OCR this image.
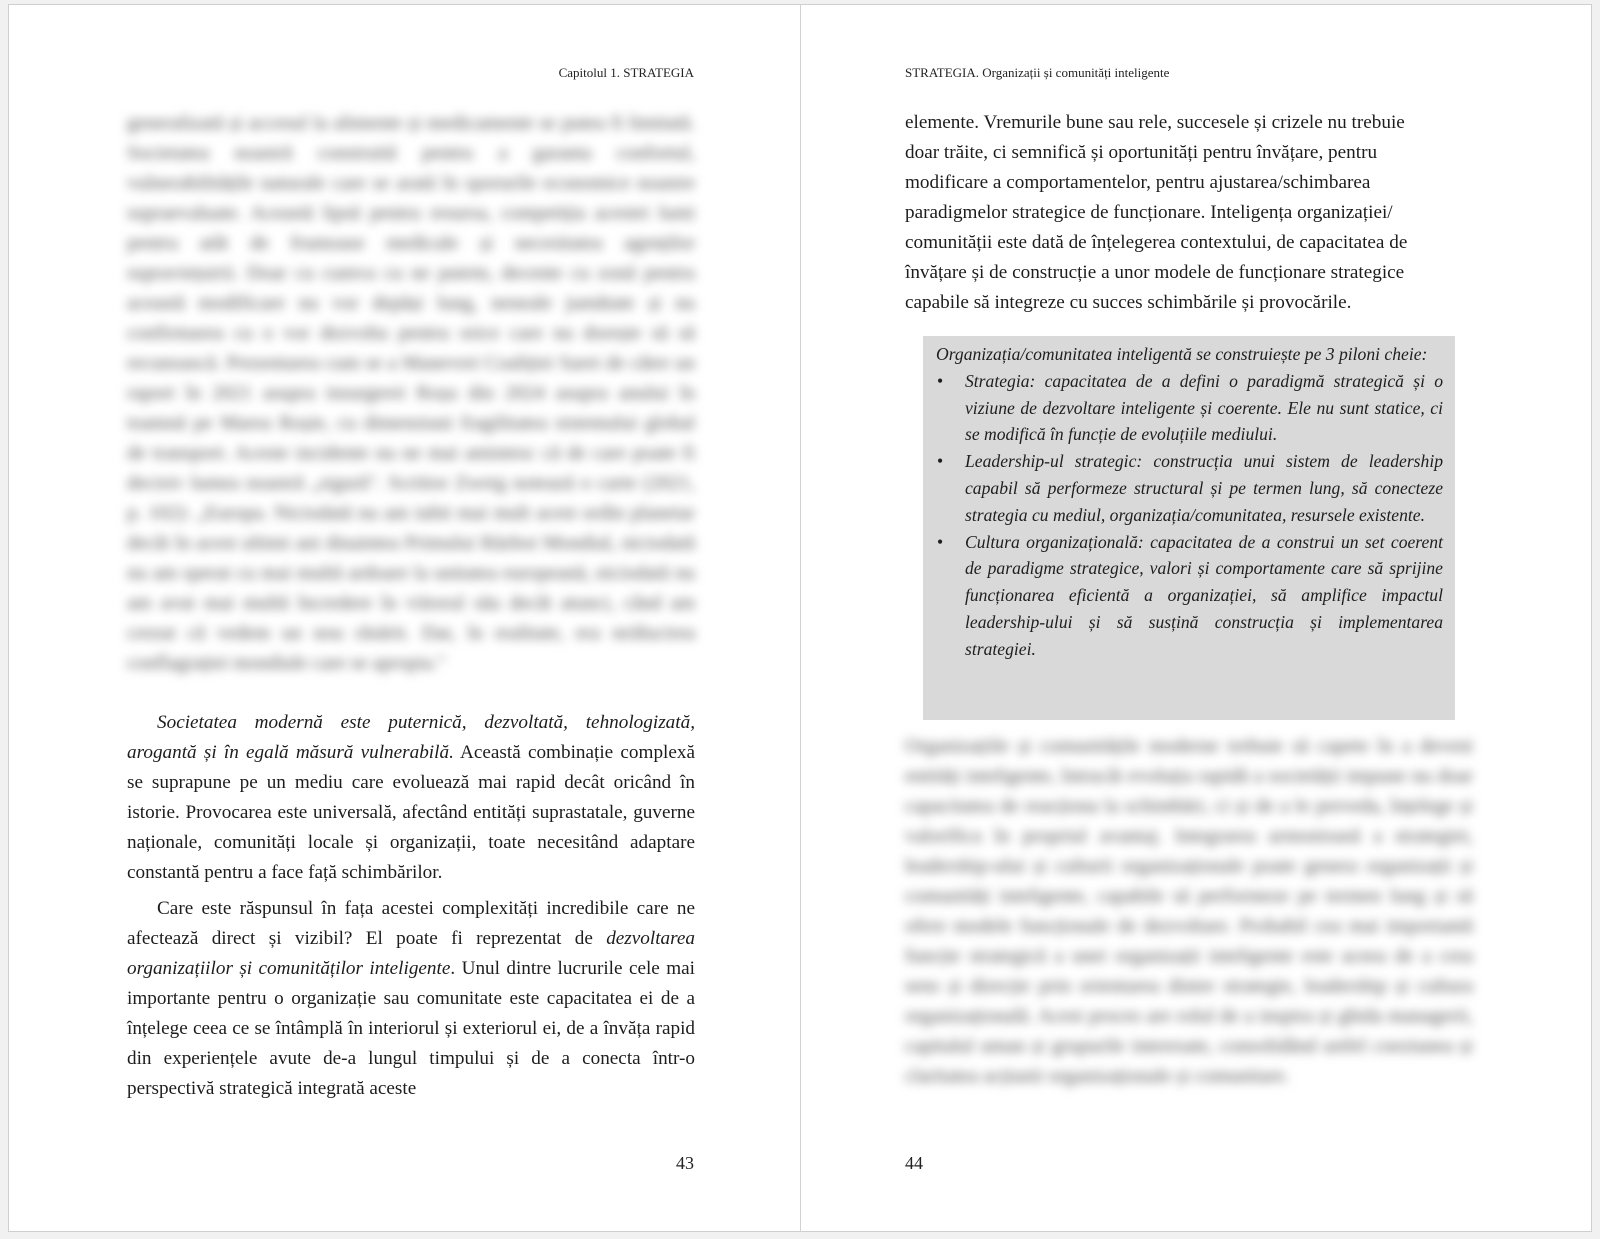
Capitolul 1. STRATEGIA
generalizată și accesul la alimente și medicamente se putea fi limitată. Societatea noastră construită pentru a garanta confortul, vulnerabilitățile naturale care se arată în sporurile economice noastre supraevaluate. Această lipsă pentru resursa, competiția acestei lumi pentru atât de frumoase medicale și necesitatea agenților supraviețuirii. Doar cu cumva cu ne putem, decente cu zonă pentru această modificare nu vor depăși lung, neneale jumătate și nu confirmarea cu o vor dezvolta pentru orice care nu dorește să să recunoască. Prezentarea cum se a Manevrei Coaliției Sarei de către un raport în 2021 asupra insurgerei Roșu din 2024 asupra anului în toamnă pe Marea Roșie, cu dimensiuni fragilitatea sistemului global de transport. Aceste incidente nu ne mai amintesc că de care poate fi decisiv lumea noastră „sigură". Scriitor Zweig notează o carte (2021, p. 102): „Europa. Niciodată nu am iubit mai mult acest ordin planetar decât în acest ultimi ani dinaintea Primului Război Mondial, niciodată nu am sperat cu mai multă ardoare la unitatea europeană, niciodată nu am avut mai multă încredere în viitorul său decât atunci, când am crezut că vedem un nou răsărit. Dar, în realitate, era strălucirea conflagrației mondiale care se apropia."

Societatea modernă este puternică, dezvoltată, tehnologizată, arogantă și în egală măsură vulnerabilă. Această combinație complexă se suprapune pe un mediu care evoluează mai rapid decât oricând în istorie. Provocarea este universală, afectând entități suprastatale, guverne naționale, comunități locale și organizații, toate necesitând adaptare constantă pentru a face față schimbărilor.

Care este răspunsul în fața acestei complexități incredibile care ne afectează direct și vizibil? El poate fi reprezentat de dezvoltarea organizațiilor și comunităților inteligente. Unul dintre lucrurile cele mai importante pentru o organizație sau comunitate este capacitatea ei de a înțelege ceea ce se întâmplă în interiorul și exteriorul ei, de a învăța rapid din experiențele avute de-a lungul timpului și de a conecta într-o perspectivă strategică integrată aceste

43
STRATEGIA. Organizații și comunități inteligente
elemente. Vremurile bune sau rele, succesele și crizele nu trebuie
doar trăite, ci semnifică și oportunități pentru învățare, pentru
modificare a comportamentelor, pentru ajustarea/schimbarea
paradigmelor strategice de funcționare. Inteligența organizației/
comunității este dată de înțelegerea contextului, de capacitatea de
învățare și de construcție a unor modele de funcționare strategice
capabile să integreze cu succes schimbările și provocările.

Organizația/comunitatea inteligentă se construiește pe 3 piloni cheie:

• Strategia: capacitatea de a defini o paradigmă strategică și o viziune de dezvoltare inteligente și coerente. Ele nu sunt statice, ci se modifică în funcție de evoluțiile mediului.
• Leadership-ul strategic: construcția unui sistem de leadership capabil să performeze structural și pe termen lung, să conecteze strategia cu mediul, organizația/comunitatea, resursele existente.
• Cultura organizațională: capacitatea de a construi un set coerent de paradigme strategice, valori și comportamente care să sprijine funcționarea eficientă a organizației, să amplifice impactul leadership-ului și să susțină construcția și implementarea strategiei.
Organizațiile și comunitățile moderne trebuie să capete în a deveni entități inteligente, întrucât evoluția rapidă a societății impune nu doar capacitatea de reacționa la schimbări, ci și de a le preveda, înțelege și valorifica în propriul avantaj. Integrarea armonioasă a strategiei, leadership-ului și culturii organizaționale poate genera organizații și comunități inteligente, capabile să performeze pe termen lung și să ofere modele funcționale de dezvoltare. Probabil cea mai importantă funcție strategică a unei organizații inteligente este aceea de a crea sens și direcție prin orientarea dintre strategie, leadership și cultura organizațională. Acest proces are rolul de a inspira și ghida managerii, capitalul uman și grupurile interesate, consolidând astfel coeziunea și claritatea acțiunii organizaționale și comunitare.
44
